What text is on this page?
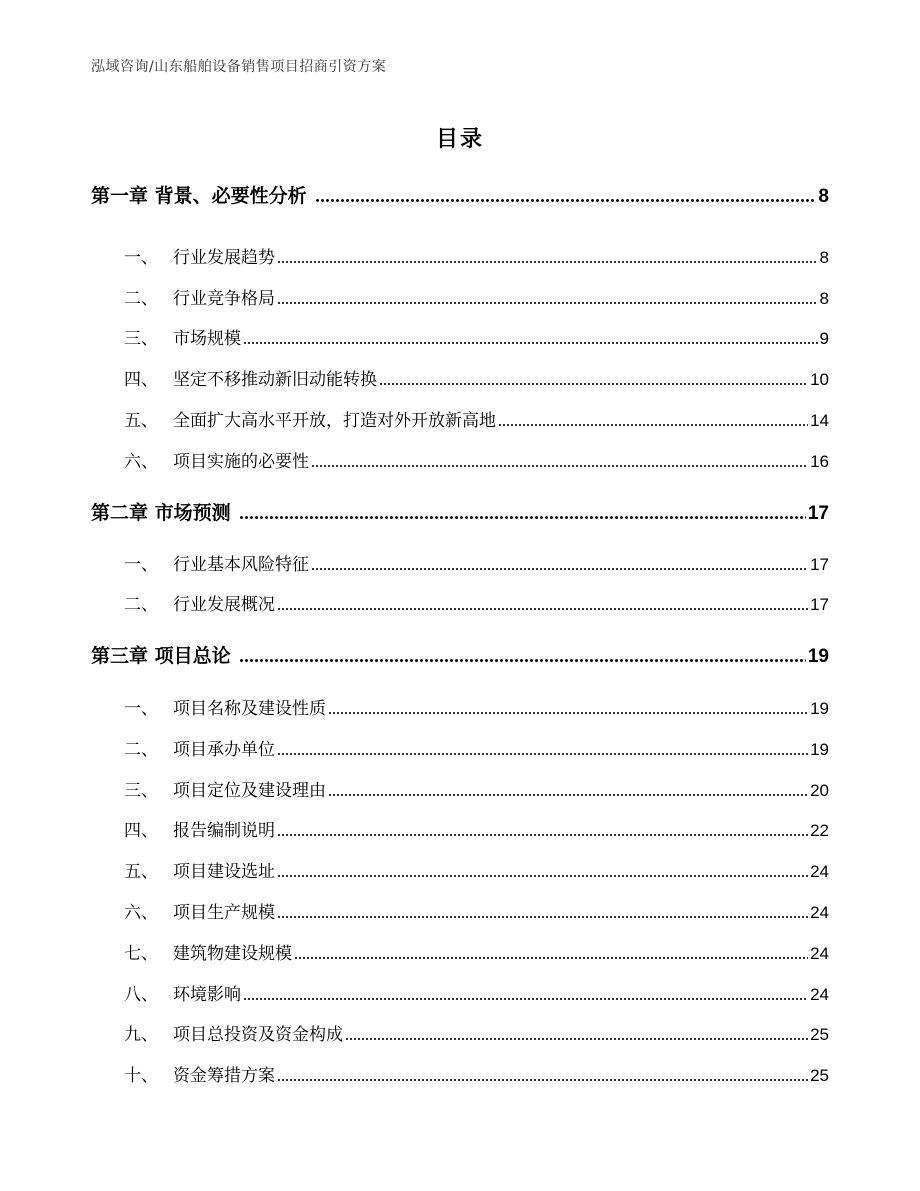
泓域咨询/山东船舶设备销售项目招商引资方案
目录
第一章 背景、必要性分析	8
一、 行业发展趋势	8
二、 行业竞争格局	8
三、 市场规模	9
四、 坚定不移推动新旧动能转换	10
五、 全面扩大高水平开放，打造对外开放新高地	14
六、 项目实施的必要性	16
第二章 市场预测	17
一、 行业基本风险特征	17
二、 行业发展概况	17
第三章 项目总论	19
一、 项目名称及建设性质	19
二、 项目承办单位	19
三、 项目定位及建设理由	20
四、 报告编制说明	22
五、 项目建设选址	24
六、 项目生产规模	24
七、 建筑物建设规模	24
八、 环境影响	24
九、 项目总投资及资金构成	25
十、 资金筹措方案	25
